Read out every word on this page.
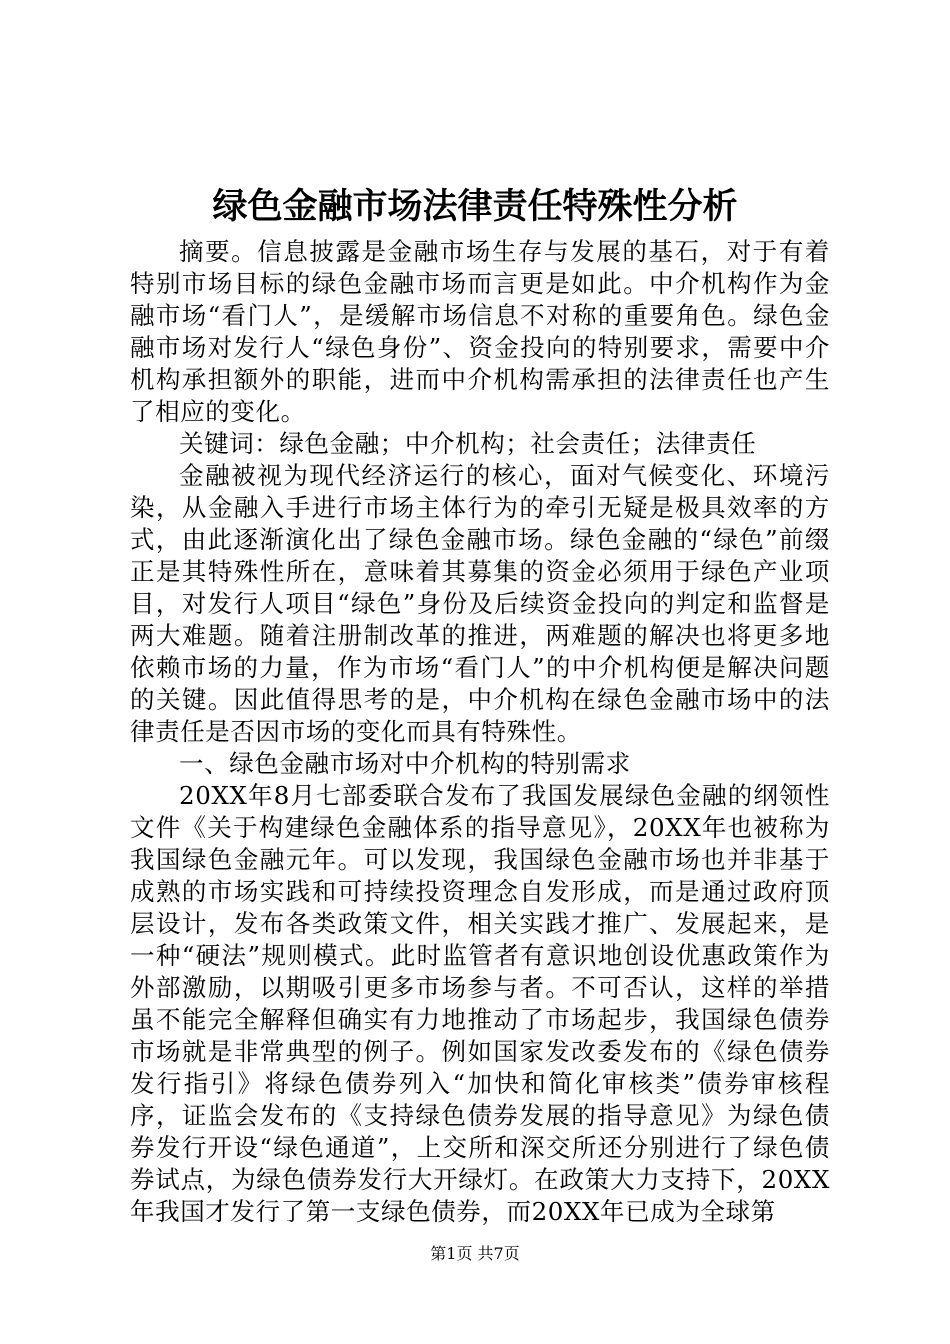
绿色金融市场法律责任特殊性分析

摘要。信息披露是金融市场生存与发展的基石，对于有着特别市场目标的绿色金融市场而言更是如此。中介机构作为金融市场“看门人”，是缓解市场信息不对称的重要角色。绿色金融市场对发行人“绿色身份”、资金投向的特别要求，需要中介机构承担额外的职能，进而中介机构需承担的法律责任也产生了相应的变化。

关键词：绿色金融；中介机构；社会责任；法律责任

金融被视为现代经济运行的核心，面对气候变化、环境污染，从金融入手进行市场主体行为的牵引无疑是极具效率的方式，由此逐渐演化出了绿色金融市场。绿色金融的“绿色”前缀正是其特殊性所在，意味着其募集的资金必须用于绿色产业项目，对发行人项目“绿色”身份及后续资金投向的判定和监督是两大难题。随着注册制改革的推进，两难题的解决也将更多地依赖市场的力量，作为市场“看门人”的中介机构便是解决问题的关键。因此值得思考的是，中介机构在绿色金融市场中的法律责任是否因市场的变化而具有特殊性。

一、绿色金融市场对中介机构的特别需求

20XX年8月七部委联合发布了我国发展绿色金融的纲领性文件《关于构建绿色金融体系的指导意见》，20XX年也被称为我国绿色金融元年。可以发现，我国绿色金融市场也并非基于成熟的市场实践和可持续投资理念自发形成，而是通过政府顶层设计，发布各类政策文件，相关实践才推广、发展起来，是一种“硬法”规则模式。此时监管者有意识地创设优惠政策作为外部激励，以期吸引更多市场参与者。不可否认，这样的举措虽不能完全解释但确实有力地推动了市场起步，我国绿色债券市场就是非常典型的例子。例如国家发改委发布的《绿色债券发行指引》将绿色债券列入“加快和简化审核类”债券审核程序，证监会发布的《支持绿色债券发展的指导意见》为绿色债券发行开设“绿色通道”，上交所和深交所还分别进行了绿色债券试点，为绿色债券发行大开绿灯。在政策大力支持下，20XX年我国才发行了第一支绿色债券，而20XX年已成为全球第

第1页 共7页
